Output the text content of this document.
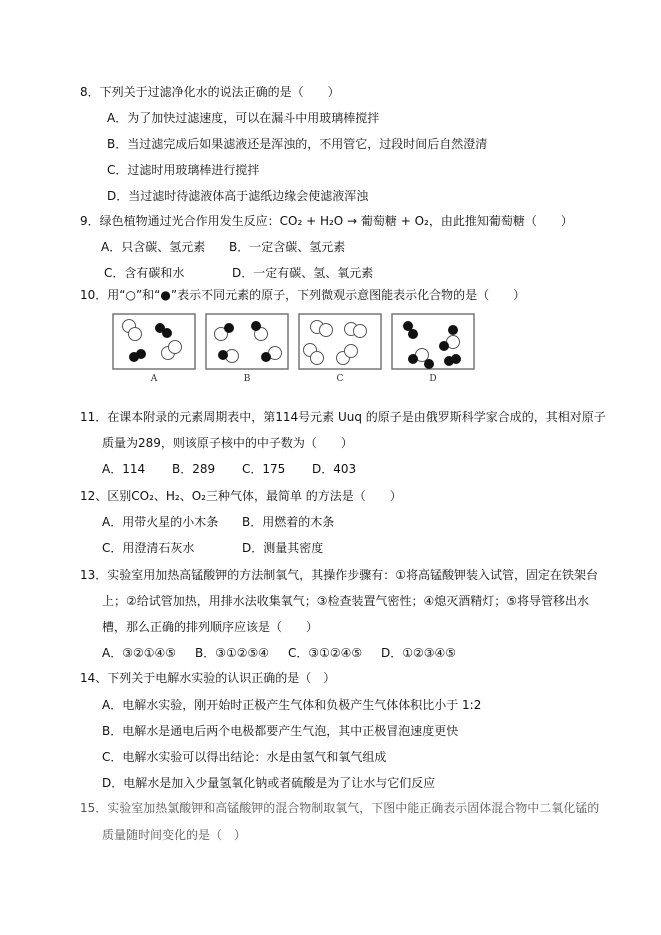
8．下列关于过滤净化水的说法正确的是（　　）
A．为了加快过滤速度，可以在漏斗中用玻璃棒搅拌
B．当过滤完成后如果滤液还是浑浊的，不用管它，过段时间后自然澄清
C．过滤时用玻璃棒进行搅拌
D．当过滤时待滤液体高于滤纸边缘会使滤液浑浊
9．绿色植物通过光合作用发生反应：CO₂ + H₂O → 葡萄糖 + O₂，由此推知葡萄糖（　　）
A．只含碳、氢元素 B．一定含碳、氢元素
C．含有碳和水	D．一定有碳、氢、氧元素
10．用“○”和“●”表示不同元素的原子，下列微观示意图能表示化合物的是（　　）
A	B	C	D
11．在课本附录的元素周期表中，第114号元素 Uuq 的原子是由俄罗斯科学家合成的，其相对原子
质量为289，则该原子核中的中子数为（　　）
A．114 B．289 C．175 D．403
12、区别CO₂、H₂、O₂三种气体，最简单 的方法是（　　）
A．用带火星的小木条 B．用燃着的木条
C．用澄清石灰水	D．测量其密度
13．实验室用加热高锰酸钾的方法制氧气，其操作步骤有：①将高锰酸钾装入试管，固定在铁架台
上；②给试管加热，用排水法收集氧气；③检查装置气密性；④熄灭酒精灯；⑤将导管移出水
槽，那么正确的排列顺序应该是（　　）
A．③②①④⑤ B．③①②⑤④ C．③①②④⑤ D．①②③④⑤
14、下列关于电解水实验的认识正确的是（　）
A．电解水实验，刚开始时正极产生气体和负极产生气体体积比小于 1:2
B．电解水是通电后两个电极都要产生气泡，其中正极冒泡速度更快
C．电解水实验可以得出结论：水是由氢气和氧气组成
D．电解水是加入少量氢氧化钠或者硫酸是为了让水与它们反应
15．实验室加热氯酸钾和高锰酸钾的混合物制取氧气，下图中能正确表示固体混合物中二氧化锰的
质量随时间变化的是（　）
